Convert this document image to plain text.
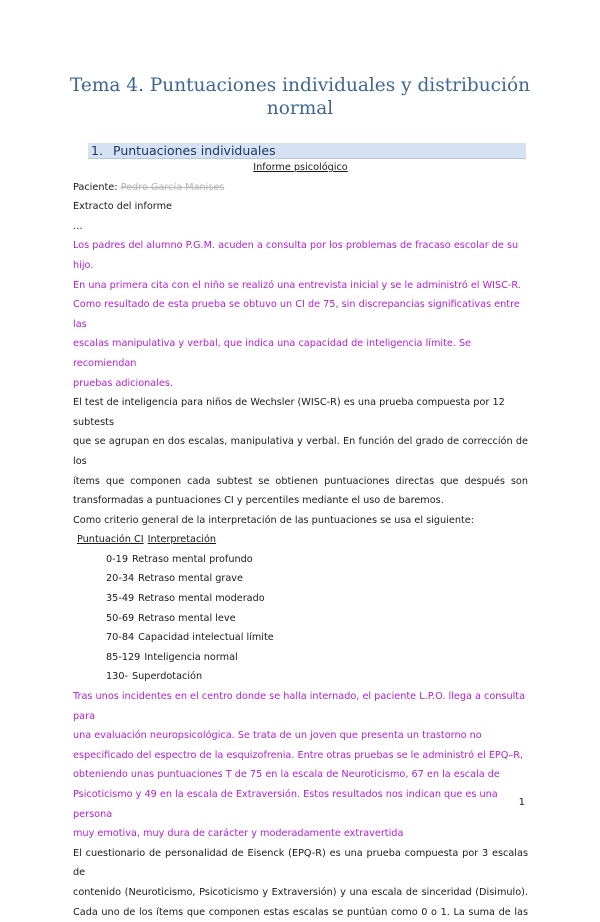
Tema 4. Puntuaciones individuales y distribución normal
1. Puntuaciones individuales

Informe psicológico

Paciente: Pedro García Manises

Extracto del informe

…

Los padres del alumno P.G.M. acuden a consulta por los problemas de fracaso escolar de su hijo.

En una primera cita con el niño se realizó una entrevista inicial y se le administró el WISC-R.

Como resultado de esta prueba se obtuvo un CI de 75, sin discrepancias significativas entre las

escalas manipulativa y verbal, que indica una capacidad de inteligencia límite. Se recomiendan

pruebas adicionales.

El test de inteligencia para niños de Wechsler (WISC-R) es una prueba compuesta por 12 subtests

que se agrupan en dos escalas, manipulativa y verbal. En función del grado de corrección de los

ítems que componen cada subtest se obtienen puntuaciones directas que después son

transformadas a puntuaciones CI y percentiles mediante el uso de baremos.

Como criterio general de la interpretación de las puntuaciones se usa el siguiente:

Puntuación CI Interpretación

0-19 Retraso mental profundo

20-34 Retraso mental grave

35-49 Retraso mental moderado

50-69 Retraso mental leve

70-84 Capacidad intelectual límite

85-129 Inteligencia normal

130- Superdotación

Tras unos incidentes en el centro donde se halla internado, el paciente L.P.O. llega a consulta para

una evaluación neuropsicológica. Se trata de un joven que presenta un trastorno no

especificado del espectro de la esquizofrenia. Entre otras pruebas se le administró el EPQ–R,

obteniendo unas puntuaciones T de 75 en la escala de Neuroticismo, 67 en la escala de

Psicoticismo y 49 en la escala de Extraversión. Estos resultados nos indican que es una persona

muy emotiva, muy dura de carácter y moderadamente extravertida

El cuestionario de personalidad de Eisenck (EPQ-R) es una prueba compuesta por 3 escalas de

contenido (Neuroticismo, Psicoticismo y Extraversión) y una escala de sinceridad (Disimulo).

Cada uno de los ítems que componen estas escalas se puntúan como 0 o 1. La suma de las

1
